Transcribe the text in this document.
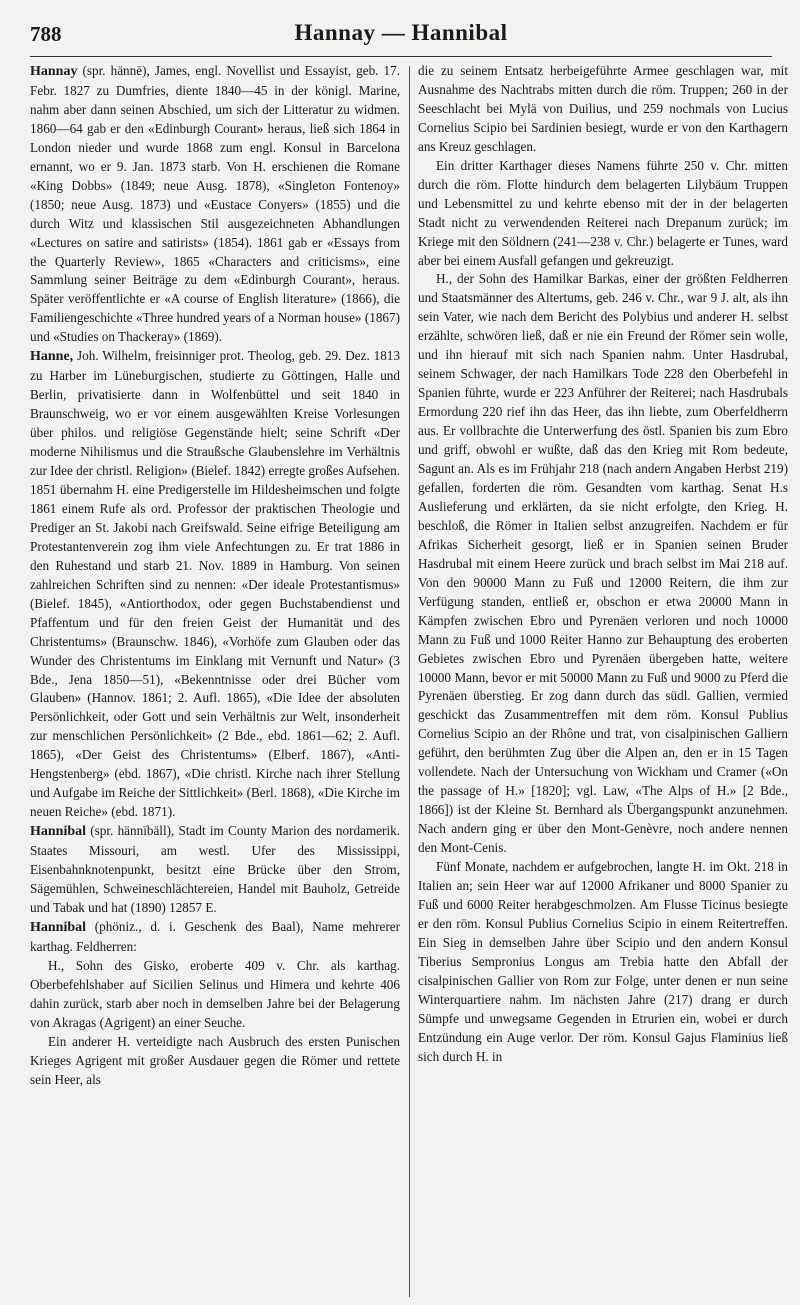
788	Hannay — Hannibal

Hannay (spr. hännē), James, engl. Novellist und Essayist, geb. 17. Febr. 1827 zu Dumfries, diente 1840—45 in der königl. Marine, nahm aber dann seinen Abschied, um sich der Litteratur zu widmen. 1860—64 gab er den «Edinburgh Courant» heraus, ließ sich 1864 in London nieder und wurde 1868 zum engl. Konsul in Barcelona ernannt, wo er 9. Jan. 1873 starb. Von H. erschienen die Romane «King Dobbs» (1849; neue Ausg. 1878), «Singleton Fontenoy» (1850; neue Ausg. 1873) und «Eustace Conyers» (1855) und die durch Witz und klassischen Stil ausgezeichneten Abhandlungen «Lectures on satire and satirists» (1854). 1861 gab er «Essays from the Quarterly Review», 1865 «Characters and criticisms», eine Sammlung seiner Beiträge zu dem «Edinburgh Courant», heraus. Später veröffentlichte er «A course of English literature» (1866), die Familiengeschichte «Three hundred years of a Norman house» (1867) und «Studies on Thackeray» (1869).

Hanne, Joh. Wilhelm, freisinniger prot. Theolog, geb. 29. Dez. 1813 zu Harber im Lüneburgischen, studierte zu Göttingen, Halle und Berlin, privatisierte dann in Wolfenbüttel und seit 1840 in Braunschweig, wo er vor einem ausgewählten Kreise Vorlesungen über philos. und religiöse Gegenstände hielt; seine Schrift «Der moderne Nihilismus und die Straußsche Glaubenslehre im Verhältnis zur Idee der christl. Religion» (Bielef. 1842) erregte großes Aufsehen. 1851 übernahm H. eine Predigerstelle im Hildesheimschen und folgte 1861 einem Rufe als ord. Professor der praktischen Theologie und Prediger an St. Jakobi nach Greifswald. Seine eifrige Beteiligung am Protestantenverein zog ihm viele Anfechtungen zu. Er trat 1886 in den Ruhestand und starb 21. Nov. 1889 in Hamburg. Von seinen zahlreichen Schriften sind zu nennen: «Der ideale Protestantismus» (Bielef. 1845), «Antiorthodox, oder gegen Buchstabendienst und Pfaffentum und für den freien Geist der Humanität und des Christentums» (Braunschw. 1846), «Vorhöfe zum Glauben oder das Wunder des Christentums im Einklang mit Vernunft und Natur» (3 Bde., Jena 1850—51), «Bekenntnisse oder drei Bücher vom Glauben» (Hannov. 1861; 2. Aufl. 1865), «Die Idee der absoluten Persönlichkeit, oder Gott und sein Verhältnis zur Welt, insonderheit zur menschlichen Persönlichkeit» (2 Bde., ebd. 1861—62; 2. Aufl. 1865), «Der Geist des Christentums» (Elberf. 1867), «Anti-Hengstenberg» (ebd. 1867), «Die christl. Kirche nach ihrer Stellung und Aufgabe im Reiche der Sittlichkeit» (Berl. 1868), «Die Kirche im neuen Reiche» (ebd. 1871).

Hannibal (spr. hännībäll), Stadt im County Marion des nordamerik. Staates Missouri, am westl. Ufer des Mississippi, Eisenbahnknotenpunkt, besitzt eine Brücke über den Strom, Sägemühlen, Schweineschlächtereien, Handel mit Bauholz, Getreide und Tabak und hat (1890) 12857 E.

Hannibal (phöniz., d. i. Geschenk des Baal), Name mehrerer karthag. Feldherren:

H., Sohn des Gisko, eroberte 409 v. Chr. als karthag. Oberbefehlshaber auf Sicilien Selinus und Himera und kehrte 406 dahin zurück, starb aber noch in demselben Jahre bei der Belagerung von Akragas (Agrigent) an einer Seuche.

Ein anderer H. verteidigte nach Ausbruch des ersten Punischen Krieges Agrigent mit großer Ausdauer gegen die Römer und rettete sein Heer, als

die zu seinem Entsatz herbeigeführte Armee geschlagen war, mit Ausnahme des Nachtrabs mitten durch die röm. Truppen; 260 in der Seeschlacht bei Mylä von Duilius, und 259 nochmals von Lucius Cornelius Scipio bei Sardinien besiegt, wurde er von den Karthagern ans Kreuz geschlagen.

Ein dritter Karthager dieses Namens führte 250 v. Chr. mitten durch die röm. Flotte hindurch dem belagerten Lilybäum Truppen und Lebensmittel zu und kehrte ebenso mit der in der belagerten Stadt nicht zu verwendenden Reiterei nach Drepanum zurück; im Kriege mit den Söldnern (241—238 v. Chr.) belagerte er Tunes, ward aber bei einem Ausfall gefangen und gekreuzigt.

H., der Sohn des Hamilkar Barkas, einer der größten Feldherren und Staatsmänner des Altertums, geb. 246 v. Chr., war 9 J. alt, als ihn sein Vater, wie nach dem Bericht des Polybius und anderer H. selbst erzählte, schwören ließ, daß er nie ein Freund der Römer sein wolle, und ihn hierauf mit sich nach Spanien nahm. Unter Hasdrubal, seinem Schwager, der nach Hamilkars Tode 228 den Oberbefehl in Spanien führte, wurde er 223 Anführer der Reiterei; nach Hasdrubals Ermordung 220 rief ihn das Heer, das ihn liebte, zum Oberfeldherrn aus. Er vollbrachte die Unterwerfung des östl. Spanien bis zum Ebro und griff, obwohl er wußte, daß das den Krieg mit Rom bedeute, Sagunt an. Als es im Frühjahr 218 (nach andern Angaben Herbst 219) gefallen, forderten die röm. Gesandten vom karthag. Senat H.s Auslieferung und erklärten, da sie nicht erfolgte, den Krieg. H. beschloß, die Römer in Italien selbst anzugreifen. Nachdem er für Afrikas Sicherheit gesorgt, ließ er in Spanien seinen Bruder Hasdrubal mit einem Heere zurück und brach selbst im Mai 218 auf. Von den 90000 Mann zu Fuß und 12000 Reitern, die ihm zur Verfügung standen, entließ er, obschon er etwa 20000 Mann in Kämpfen zwischen Ebro und Pyrenäen verloren und noch 10000 Mann zu Fuß und 1000 Reiter Hanno zur Behauptung des eroberten Gebietes zwischen Ebro und Pyrenäen übergeben hatte, weitere 10000 Mann, bevor er mit 50000 Mann zu Fuß und 9000 zu Pferd die Pyrenäen überstieg. Er zog dann durch das südl. Gallien, vermied geschickt das Zusammentreffen mit dem röm. Konsul Publius Cornelius Scipio an der Rhône und trat, von cisalpinischen Galliern geführt, den berühmten Zug über die Alpen an, den er in 15 Tagen vollendete. Nach der Untersuchung von Wickham und Cramer («On the passage of H.» [1820]; vgl. Law, «The Alps of H.» [2 Bde., 1866]) ist der Kleine St. Bernhard als Übergangspunkt anzunehmen. Nach andern ging er über den Mont-Genèvre, noch andere nennen den Mont-Cenis.

Fünf Monate, nachdem er aufgebrochen, langte H. im Okt. 218 in Italien an; sein Heer war auf 12000 Afrikaner und 8000 Spanier zu Fuß und 6000 Reiter herabgeschmolzen. Am Flusse Ticinus besiegte er den röm. Konsul Publius Cornelius Scipio in einem Reitertreffen. Ein Sieg in demselben Jahre über Scipio und den andern Konsul Tiberius Sempronius Longus am Trebia hatte den Abfall der cisalpinischen Gallier von Rom zur Folge, unter denen er nun seine Winterquartiere nahm. Im nächsten Jahre (217) drang er durch Sümpfe und unwegsame Gegenden in Etrurien ein, wobei er durch Entzündung ein Auge verlor. Der röm. Konsul Gajus Flaminius ließ sich durch H. in
